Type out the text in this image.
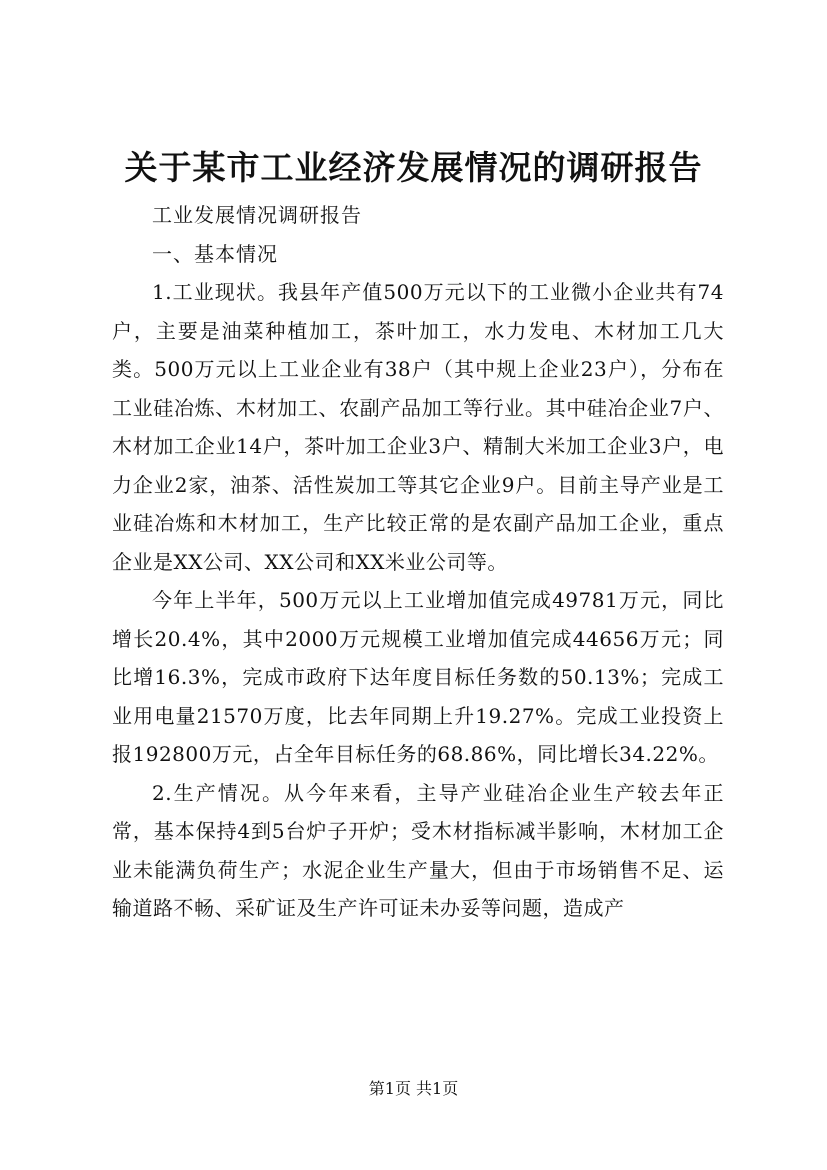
关于某市工业经济发展情况的调研报告

工业发展情况调研报告

一、基本情况

1.工业现状。我县年产值500万元以下的工业微小企业共有74户，主要是油菜种植加工，茶叶加工，水力发电、木材加工几大类。500万元以上工业企业有38户（其中规上企业23户），分布在工业硅冶炼、木材加工、农副产品加工等行业。其中硅冶企业7户、木材加工企业14户，茶叶加工企业3户、精制大米加工企业3户，电力企业2家，油茶、活性炭加工等其它企业9户。目前主导产业是工业硅冶炼和木材加工，生产比较正常的是农副产品加工企业，重点企业是XX公司、XX公司和XX米业公司等。

今年上半年，500万元以上工业增加值完成49781万元，同比增长20.4%，其中2000万元规模工业增加值完成44656万元；同比增16.3%，完成市政府下达年度目标任务数的50.13%；完成工业用电量21570万度，比去年同期上升19.27%。完成工业投资上报192800万元，占全年目标任务的68.86%，同比增长34.22%。

2.生产情况。从今年来看，主导产业硅冶企业生产较去年正常，基本保持4到5台炉子开炉；受木材指标减半影响，木材加工企业未能满负荷生产；水泥企业生产量大，但由于市场销售不足、运输道路不畅、采矿证及生产许可证未办妥等问题，造成产

第1页 共1页
